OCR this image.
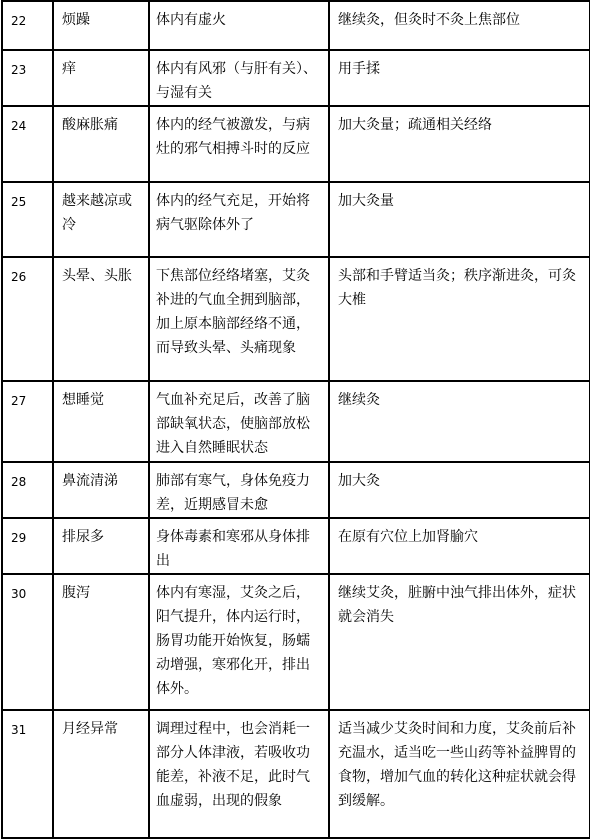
22	烦躁	体内有虚火	继续灸，但灸时不灸上焦部位
23	痒	体内有风邪（与肝有关）、与湿有关	用手揉
24	酸麻胀痛	体内的经气被激发，与病灶的邪气相搏斗时的反应	加大灸量；疏通相关经络
25	越来越凉或冷	体内的经气充足，开始将病气驱除体外了	加大灸量
26	头晕、头胀	下焦部位经络堵塞，艾灸补进的气血全拥到脑部，加上原本脑部经络不通，而导致头晕、头痛现象	头部和手臂适当灸；秩序渐进灸，可灸大椎
27	想睡觉	气血补充足后，改善了脑部缺氧状态，使脑部放松进入自然睡眠状态	继续灸
28	鼻流清涕	肺部有寒气，身体免疫力差，近期感冒未愈	加大灸
29	排尿多	身体毒素和寒邪从身体排出	在原有穴位上加肾腧穴
30	腹泻	体内有寒湿，艾灸之后，阳气提升，体内运行时，肠胃功能开始恢复，肠蠕动增强，寒邪化开，排出体外。	继续艾灸，脏腑中浊气排出体外，症状就会消失
31	月经异常	调理过程中，也会消耗一部分人体津液，若吸收功能差，补液不足，此时气血虚弱，出现的假象	适当减少艾灸时间和力度，艾灸前后补充温水，适当吃一些山药等补益脾胃的食物，增加气血的转化这种症状就会得到缓解。
